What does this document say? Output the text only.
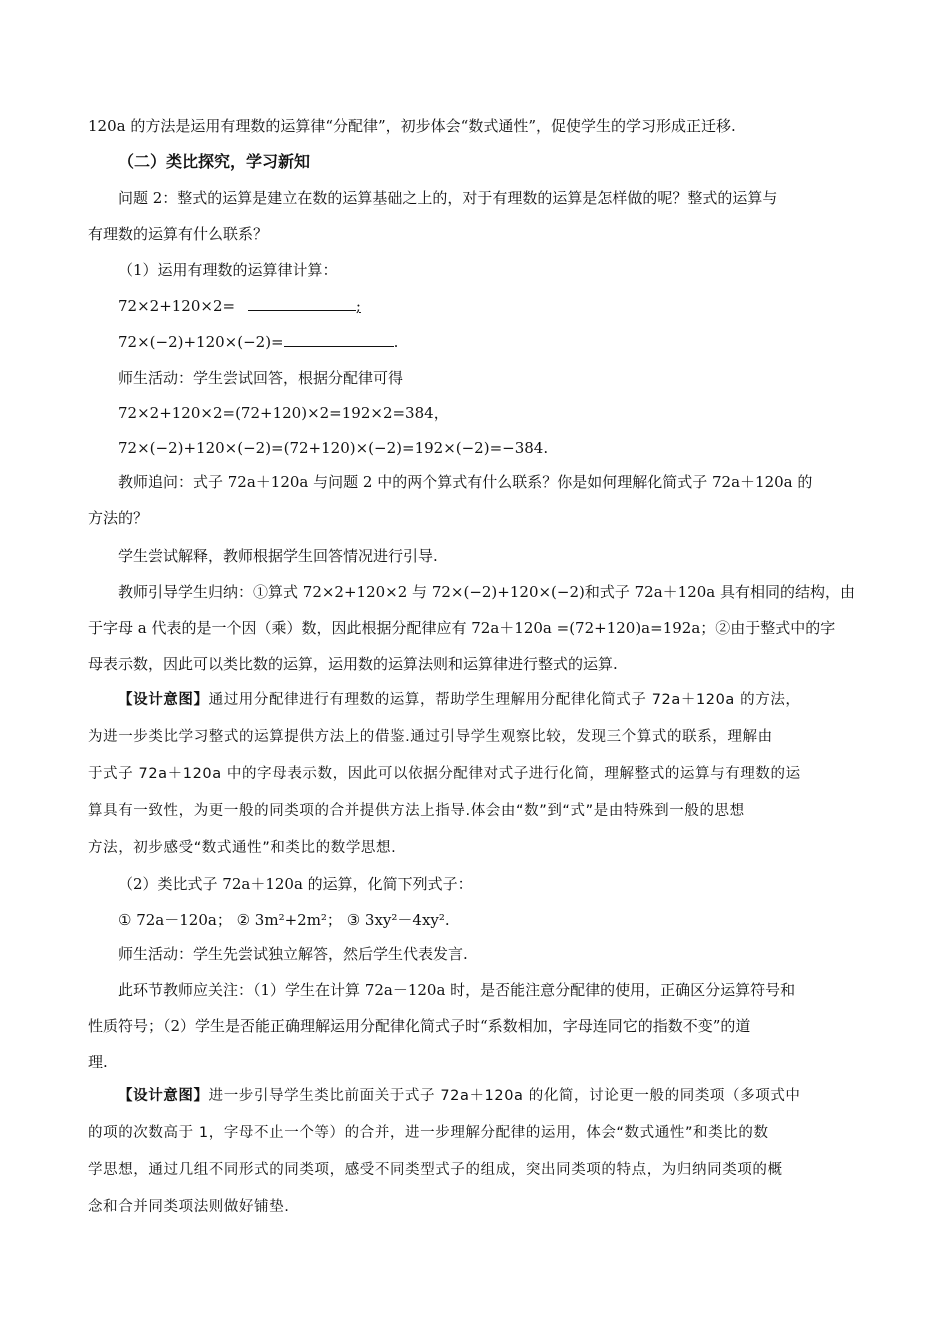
120a 的方法是运用有理数的运算律“分配律”，初步体会“数式通性”，促使学生的学习形成正迁移.

（二）类比探究，学习新知

问题 2：整式的运算是建立在数的运算基础之上的，对于有理数的运算是怎样做的呢？整式的运算与

有理数的运算有什么联系？

（1）运用有理数的运算律计算：

72×2+120×2=	;

72×(−2)+120×(−2)=	.

师生活动：学生尝试回答，根据分配律可得

72×2+120×2=(72+120)×2=192×2=384，

72×(−2)+120×(−2)=(72+120)×(−2)=192×(−2)=−384.

教师追问：式子 72a＋120a 与问题 2 中的两个算式有什么联系？你是如何理解化简式子 72a＋120a 的

方法的？

学生尝试解释，教师根据学生回答情况进行引导.

教师引导学生归纳：①算式 72×2+120×2 与 72×(−2)+120×(−2)和式子 72a＋120a 具有相同的结构，由

于字母 a 代表的是一个因（乘）数，因此根据分配律应有 72a＋120a =(72+120)a=192a；②由于整式中的字

母表示数，因此可以类比数的运算，运用数的运算法则和运算律进行整式的运算.

【设计意图】通过用分配律进行有理数的运算，帮助学生理解用分配律化简式子 72a＋120a 的方法，

为进一步类比学习整式的运算提供方法上的借鉴.通过引导学生观察比较，发现三个算式的联系，理解由

于式子 72a＋120a 中的字母表示数，因此可以依据分配律对式子进行化简，理解整式的运算与有理数的运

算具有一致性，为更一般的同类项的合并提供方法上指导.体会由“数”到“式”是由特殊到一般的思想

方法，初步感受“数式通性”和类比的数学思想.

（2）类比式子 72a＋120a 的运算，化简下列式子：

① 72a－120a； ② 3m²+2m²； ③ 3xy²－4xy².

师生活动：学生先尝试独立解答，然后学生代表发言.

此环节教师应关注：（1）学生在计算 72a－120a 时，是否能注意分配律的使用，正确区分运算符号和

性质符号；（2）学生是否能正确理解运用分配律化简式子时“系数相加，字母连同它的指数不变”的道

理.

【设计意图】进一步引导学生类比前面关于式子 72a＋120a 的化简，讨论更一般的同类项（多项式中

的项的次数高于 1，字母不止一个等）的合并，进一步理解分配律的运用，体会“数式通性”和类比的数

学思想，通过几组不同形式的同类项，感受不同类型式子的组成，突出同类项的特点，为归纳同类项的概

念和合并同类项法则做好铺垫.
